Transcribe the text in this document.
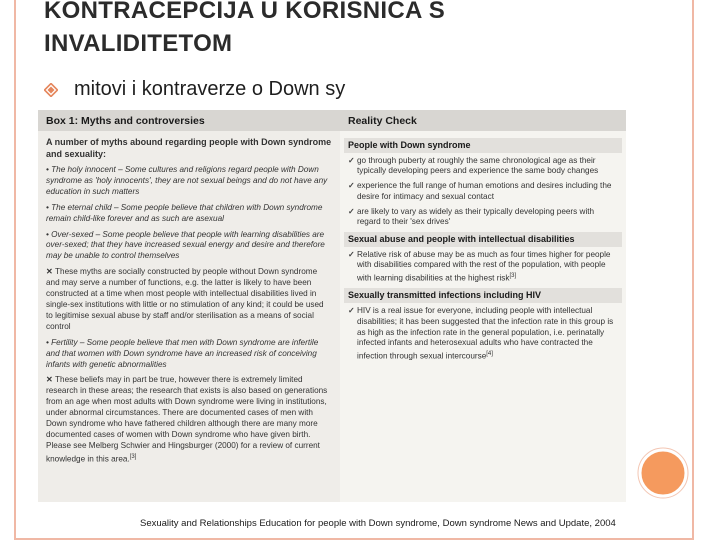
KONTRACEPCIJA U KORISNICA S
INVALIDITETOM
mitovi i kontraverze o Down sy
Box 1: Myths and controversies

A number of myths abound regarding people with Down syndrome and sexuality:

• The holy innocent – Some cultures and religions regard people with Down syndrome as 'holy innocents', they are not sexual beings and do not have any education in such matters

• The eternal child – Some people believe that children with Down syndrome remain child-like forever and as such are asexual

• Over-sexed – Some people believe that people with learning disabilities are over-sexed; that they have increased sexual energy and desire and therefore may be unable to control themselves

✕ These myths are socially constructed by people without Down syndrome and may serve a number of functions, e.g. the latter is likely to have been constructed at a time when most people with intellectual disabilities lived in single-sex institutions with little or no stimulation of any kind; it could be used to legitimise sexual abuse by staff and/or sterilisation as a means of social control

• Fertility – Some people believe that men with Down syndrome are infertile and that women with Down syndrome have an increased risk of conceiving infants with genetic abnormalities

✕ These beliefs may in part be true, however there is extremely limited research in these areas; the research that exists is also based on generations from an age when most adults with Down syndrome were living in institutions, under abnormal circumstances. There are documented cases of men with Down syndrome who have fathered children although there are many more documented cases of women with Down syndrome who have given birth. Please see Melberg Schwier and Hingsburger (2000) for a review of current knowledge in this area.[3]

Reality Check
People with Down syndrome
✓ go through puberty at roughly the same chronological age as their typically developing peers and experience the same body changes
✓ experience the full range of human emotions and desires including the desire for intimacy and sexual contact
✓ are likely to vary as widely as their typically developing peers with regard to their 'sex drives'
Sexual abuse and people with intellectual disabilities
✓ Relative risk of abuse may be as much as four times higher for people with disabilities compared with the rest of the population, with people with learning disabilities at the highest risk[3]
Sexually transmitted infections including HIV
✓ HIV is a real issue for everyone, including people with intellectual disabilities; it has been suggested that the infection rate in this group is as high as the infection rate in the general population, i.e. perinatally infected infants and heterosexual adults who have contracted the infection through sexual intercourse[4]
Sexuality and Relationships Education for people with Down syndrome, Down syndrome News and Update, 2004
